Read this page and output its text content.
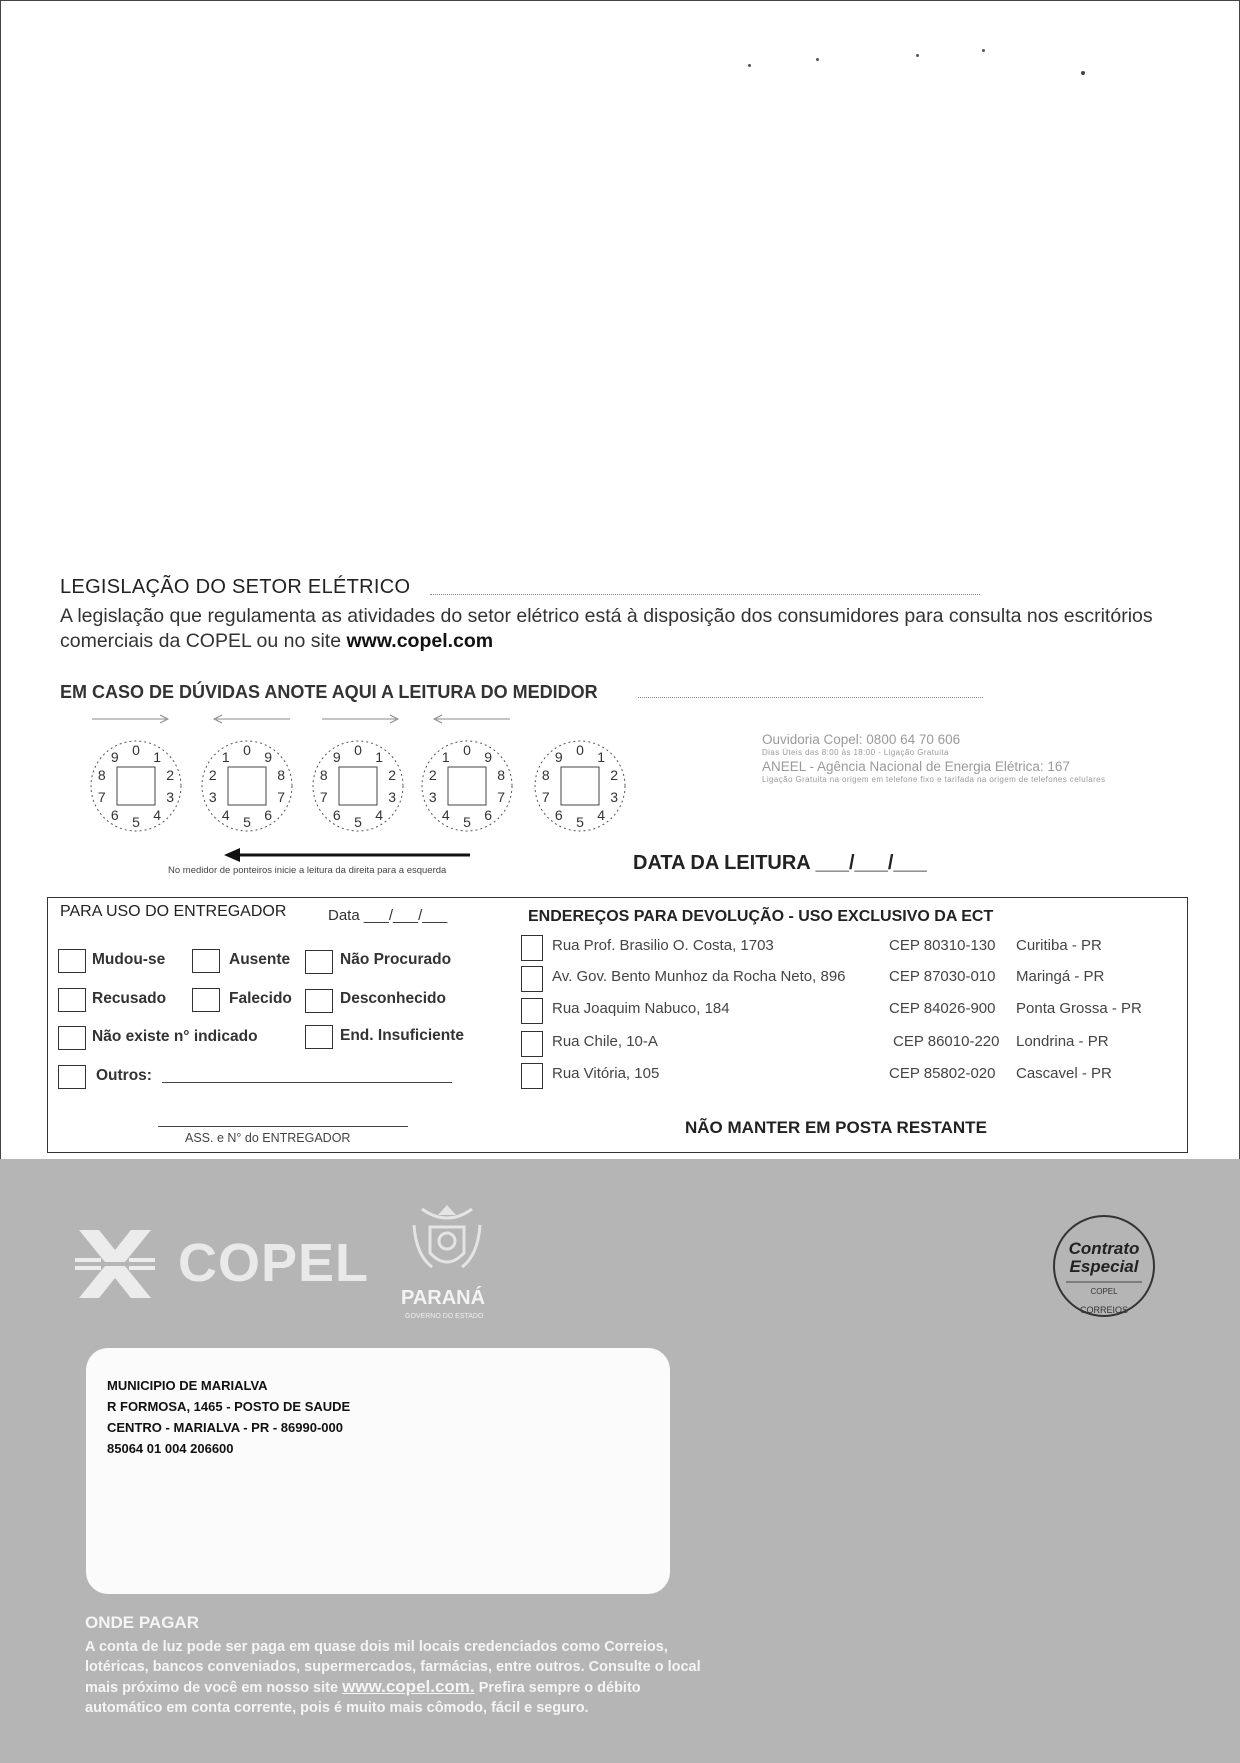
LEGISLAÇÃO DO SETOR ELÉTRICO
A legislação que regulamenta as atividades do setor elétrico está à disposição dos consumidores para consulta nos escritórios comerciais da COPEL ou no site www.copel.com
EM CASO DE DÚVIDAS ANOTE AQUI A LEITURA DO MEDIDOR
0 1
2
3
4
5
6
7
8
9	0
1
2
3
4 5 6
7
8
9	0 1
2
3
4
5
6
7
8
9	0
1
2
3
4 5 6
7
8
9	0 1
2
3
4
5
6
7
8
9
Ouvidoria Copel: 0800 64 70 606
Dias Úteis das 8:00 às 18:00 - Ligação Gratuita
ANEEL - Agência Nacional de Energia Elétrica: 167
Ligação Gratuita na origem em telefone fixo e tarifada na origem de telefones celulares
No medidor de ponteiros inicie a leitura da direita para a esquerda	DATA DA LEITURA ___/___/___
PARA USO DO ENTREGADOR	Data ___/___/___
Mudou-se	Ausente	Não Procurado
Recusado	Falecido	Desconhecido
Não existe n° indicado	End. Insuficiente
Outros:
ASS. e N° do ENTREGADOR
ENDEREÇOS PARA DEVOLUÇÃO - USO EXCLUSIVO DA ECT
Rua Prof. Brasilio O. Costa, 1703	CEP 80310-130 Curitiba - PR
Av. Gov. Bento Munhoz da Rocha Neto, 896	CEP 87030-010 Maringá - PR
Rua Joaquim Nabuco, 184	CEP 84026-900 Ponta Grossa - PR
Rua Chile, 10-A	CEP 86010-220 Londrina - PR
Rua Vitória, 105	CEP 85802-020 Cascavel - PR
NÃO MANTER EM POSTA RESTANTE
COPEL
PARANÁ
GOVERNO DO ESTADO
Contrato
Especial
COPEL
CORREIOS
MUNICIPIO DE MARIALVA
R FORMOSA, 1465 - POSTO DE SAUDE
CENTRO - MARIALVA - PR - 86990-000
85064 01 004 206600
ONDE PAGAR
A conta de luz pode ser paga em quase dois mil locais credenciados como Correios, lotéricas, bancos conveniados, supermercados, farmácias, entre outros. Consulte o local mais próximo de você em nosso site www.copel.com. Prefira sempre o débito automático em conta corrente, pois é muito mais cômodo, fácil e seguro.
